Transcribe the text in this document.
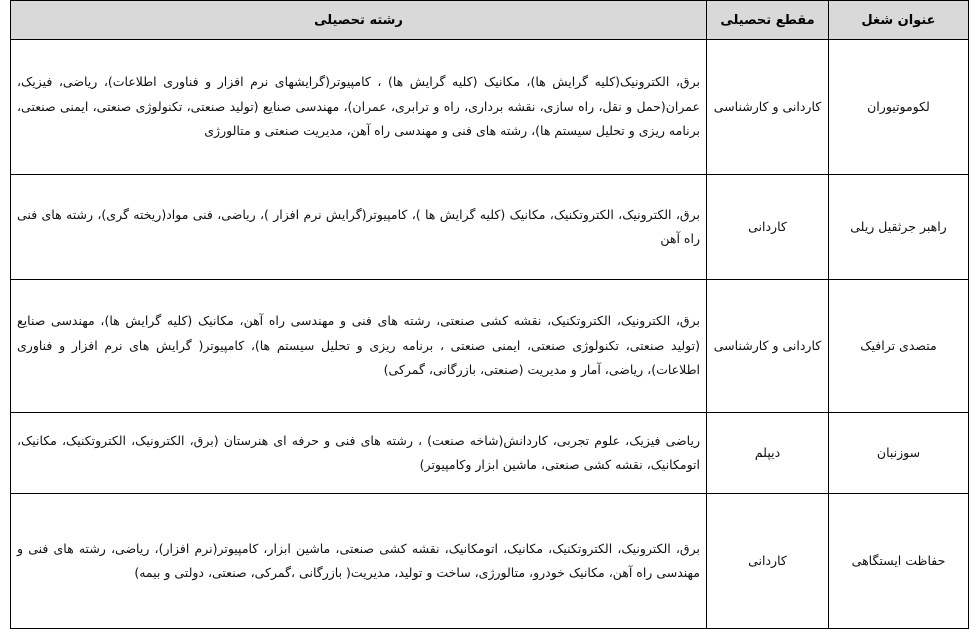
عنوان شغل	مقطع تحصیلی	رشته تحصیلی
لکوموتیوران	کاردانی و کارشناسی	برق، الکترونیک(کلیه گرایش ها)، مکانیک (کلیه گرایش ها) ، کامپیوتر(گرایشهای نرم افزار و فناوری اطلاعات)، ریاضی، فیزیک، عمران(حمل و نقل، راه سازی، نقشه برداری، راه و ترابری، عمران)، مهندسی صنایع (تولید صنعتی، تکنولوژی صنعتی، ایمنی صنعتی، برنامه ریزی و تحلیل سیستم ها)، رشته های فنی و مهندسی راه آهن، مدیریت صنعتی و متالورژی
راهبر جرثقیل ریلی	کاردانی	برق، الکترونیک، الکتروتکنیک، مکانیک (کلیه گرایش ها )، کامپیوتر(گرایش نرم افزار )، ریاضی، فنی مواد(ریخته گری)، رشته های فنی راه آهن
متصدی ترافیک	کاردانی و کارشناسی	برق، الکترونیک، الکتروتکنیک، نقشه کشی صنعتی، رشته های فنی و مهندسی راه آهن، مکانیک (کلیه گرایش ها)، مهندسی صنایع (تولید صنعتی، تکنولوژی صنعتی، ایمنی صنعتی ، برنامه ریزی و تحلیل سیستم ها)، کامپیوتر( گرایش های نرم افزار و فناوری اطلاعات)، ریاضی، آمار و مدیریت (صنعتی، بازرگانی، گمرکی)
سوزنبان	دیپلم	ریاضی فیزیک، علوم تجربی، کاردانش(شاخه صنعت) ، رشته های فنی و حرفه ای هنرستان (برق، الکترونیک، الکتروتکنیک، مکانیک، اتومکانیک، نقشه کشی صنعتی، ماشین ابزار وکامپیوتر)
حفاظت ایستگاهی	کاردانی	برق، الکترونیک، الکتروتکنیک، مکانیک، اتومکانیک، نقشه کشی صنعتی، ماشین ابزار، کامپیوتر(نرم افزار)، ریاضی، رشته های فنی و مهندسی راه آهن، مکانیک خودرو، متالورژی، ساخت و تولید، مدیریت( بازرگانی ،گمرکی، صنعتی، دولتی و بیمه)
